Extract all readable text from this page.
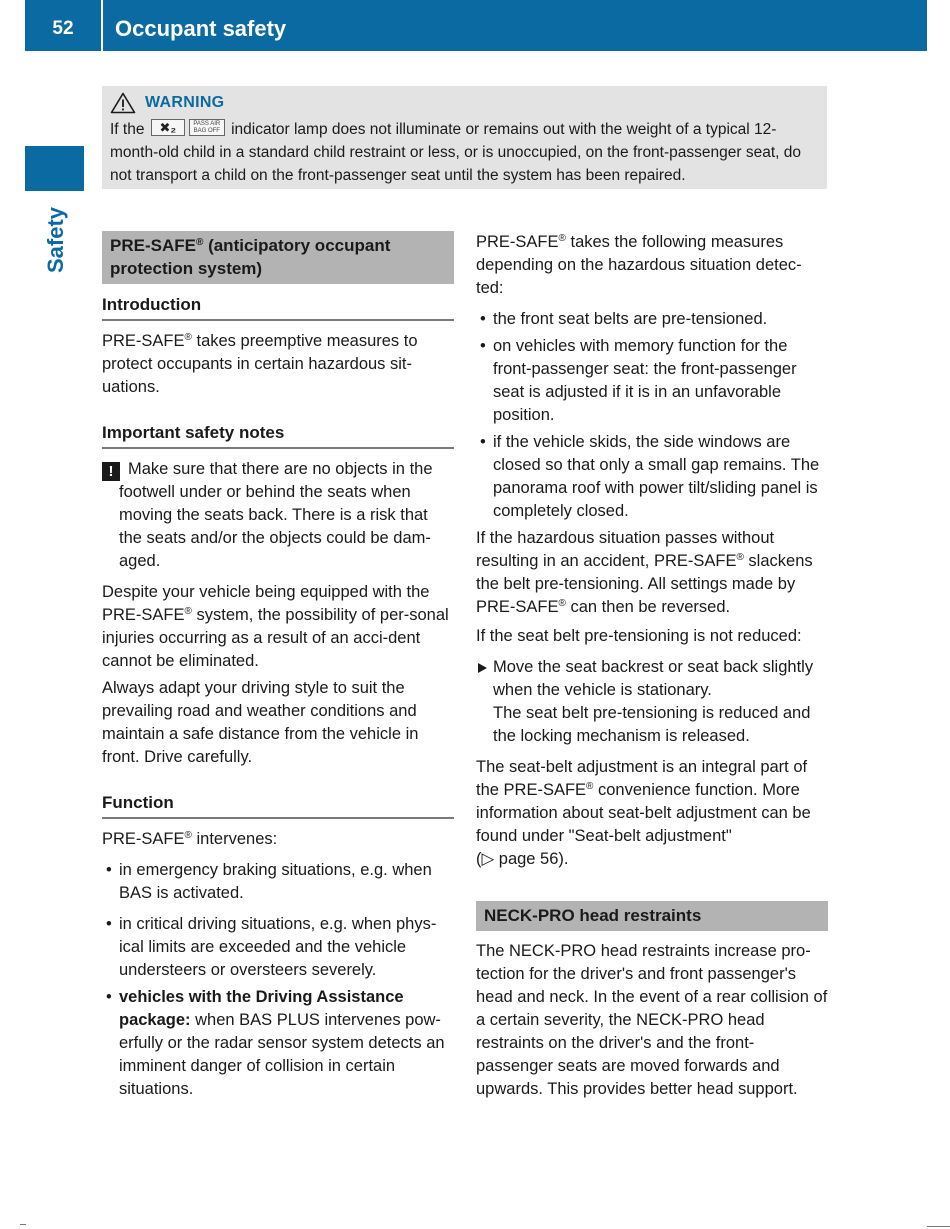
52	Occupant safety
Safety
WARNING
If the ✖₂	PASS AIR BAG OFF indicator lamp does not illuminate or remains out with the weight of a typical 12-month-old child in a standard child restraint or less, or is unoccupied, on the front-passenger seat, do not transport a child on the front-passenger seat until the system has been repaired.
PRE-SAFE® (anticipatory occupant protection system)
Introduction

PRE-SAFE® takes preemptive measures to protect occupants in certain hazardous sit-uations.

Important safety notes
! Make sure that there are no objects in the footwell under or behind the seats when moving the seats back. There is a risk that the seats and/or the objects could be dam-aged.

Despite your vehicle being equipped with the PRE-SAFE® system, the possibility of per-sonal injuries occurring as a result of an acci-dent cannot be eliminated.

Always adapt your driving style to suit the prevailing road and weather conditions and maintain a safe distance from the vehicle in front. Drive carefully.

Function

PRE-SAFE® intervenes:

• in emergency braking situations, e.g. when BAS is activated.
• in critical driving situations, e.g. when phys-ical limits are exceeded and the vehicle understeers or oversteers severely.
• vehicles with the Driving Assistance package: when BAS PLUS intervenes pow-erfully or the radar sensor system detects an imminent danger of collision in certain situations.

PRE-SAFE® takes the following measures depending on the hazardous situation detec-ted:

• the front seat belts are pre-tensioned.
• on vehicles with memory function for the front-passenger seat: the front-passenger seat is adjusted if it is in an unfavorable position.
• if the vehicle skids, the side windows are closed so that only a small gap remains. The panorama roof with power tilt/sliding panel is completely closed.

If the hazardous situation passes without resulting in an accident, PRE-SAFE® slackens the belt pre-tensioning. All settings made by PRE-SAFE® can then be reversed.

If the seat belt pre-tensioning is not reduced:

Move the seat backrest or seat back slightly when the vehicle is stationary.
The seat belt pre-tensioning is reduced and the locking mechanism is released.

The seat-belt adjustment is an integral part of the PRE-SAFE® convenience function. More information about seat-belt adjustment can be found under "Seat-belt adjustment"
(▷ page 56).

NECK-PRO head restraints

The NECK-PRO head restraints increase pro-tection for the driver's and front passenger's head and neck. In the event of a rear collision of a certain severity, the NECK-PRO head restraints on the driver's and the front-passenger seats are moved forwards and upwards. This provides better head support.
